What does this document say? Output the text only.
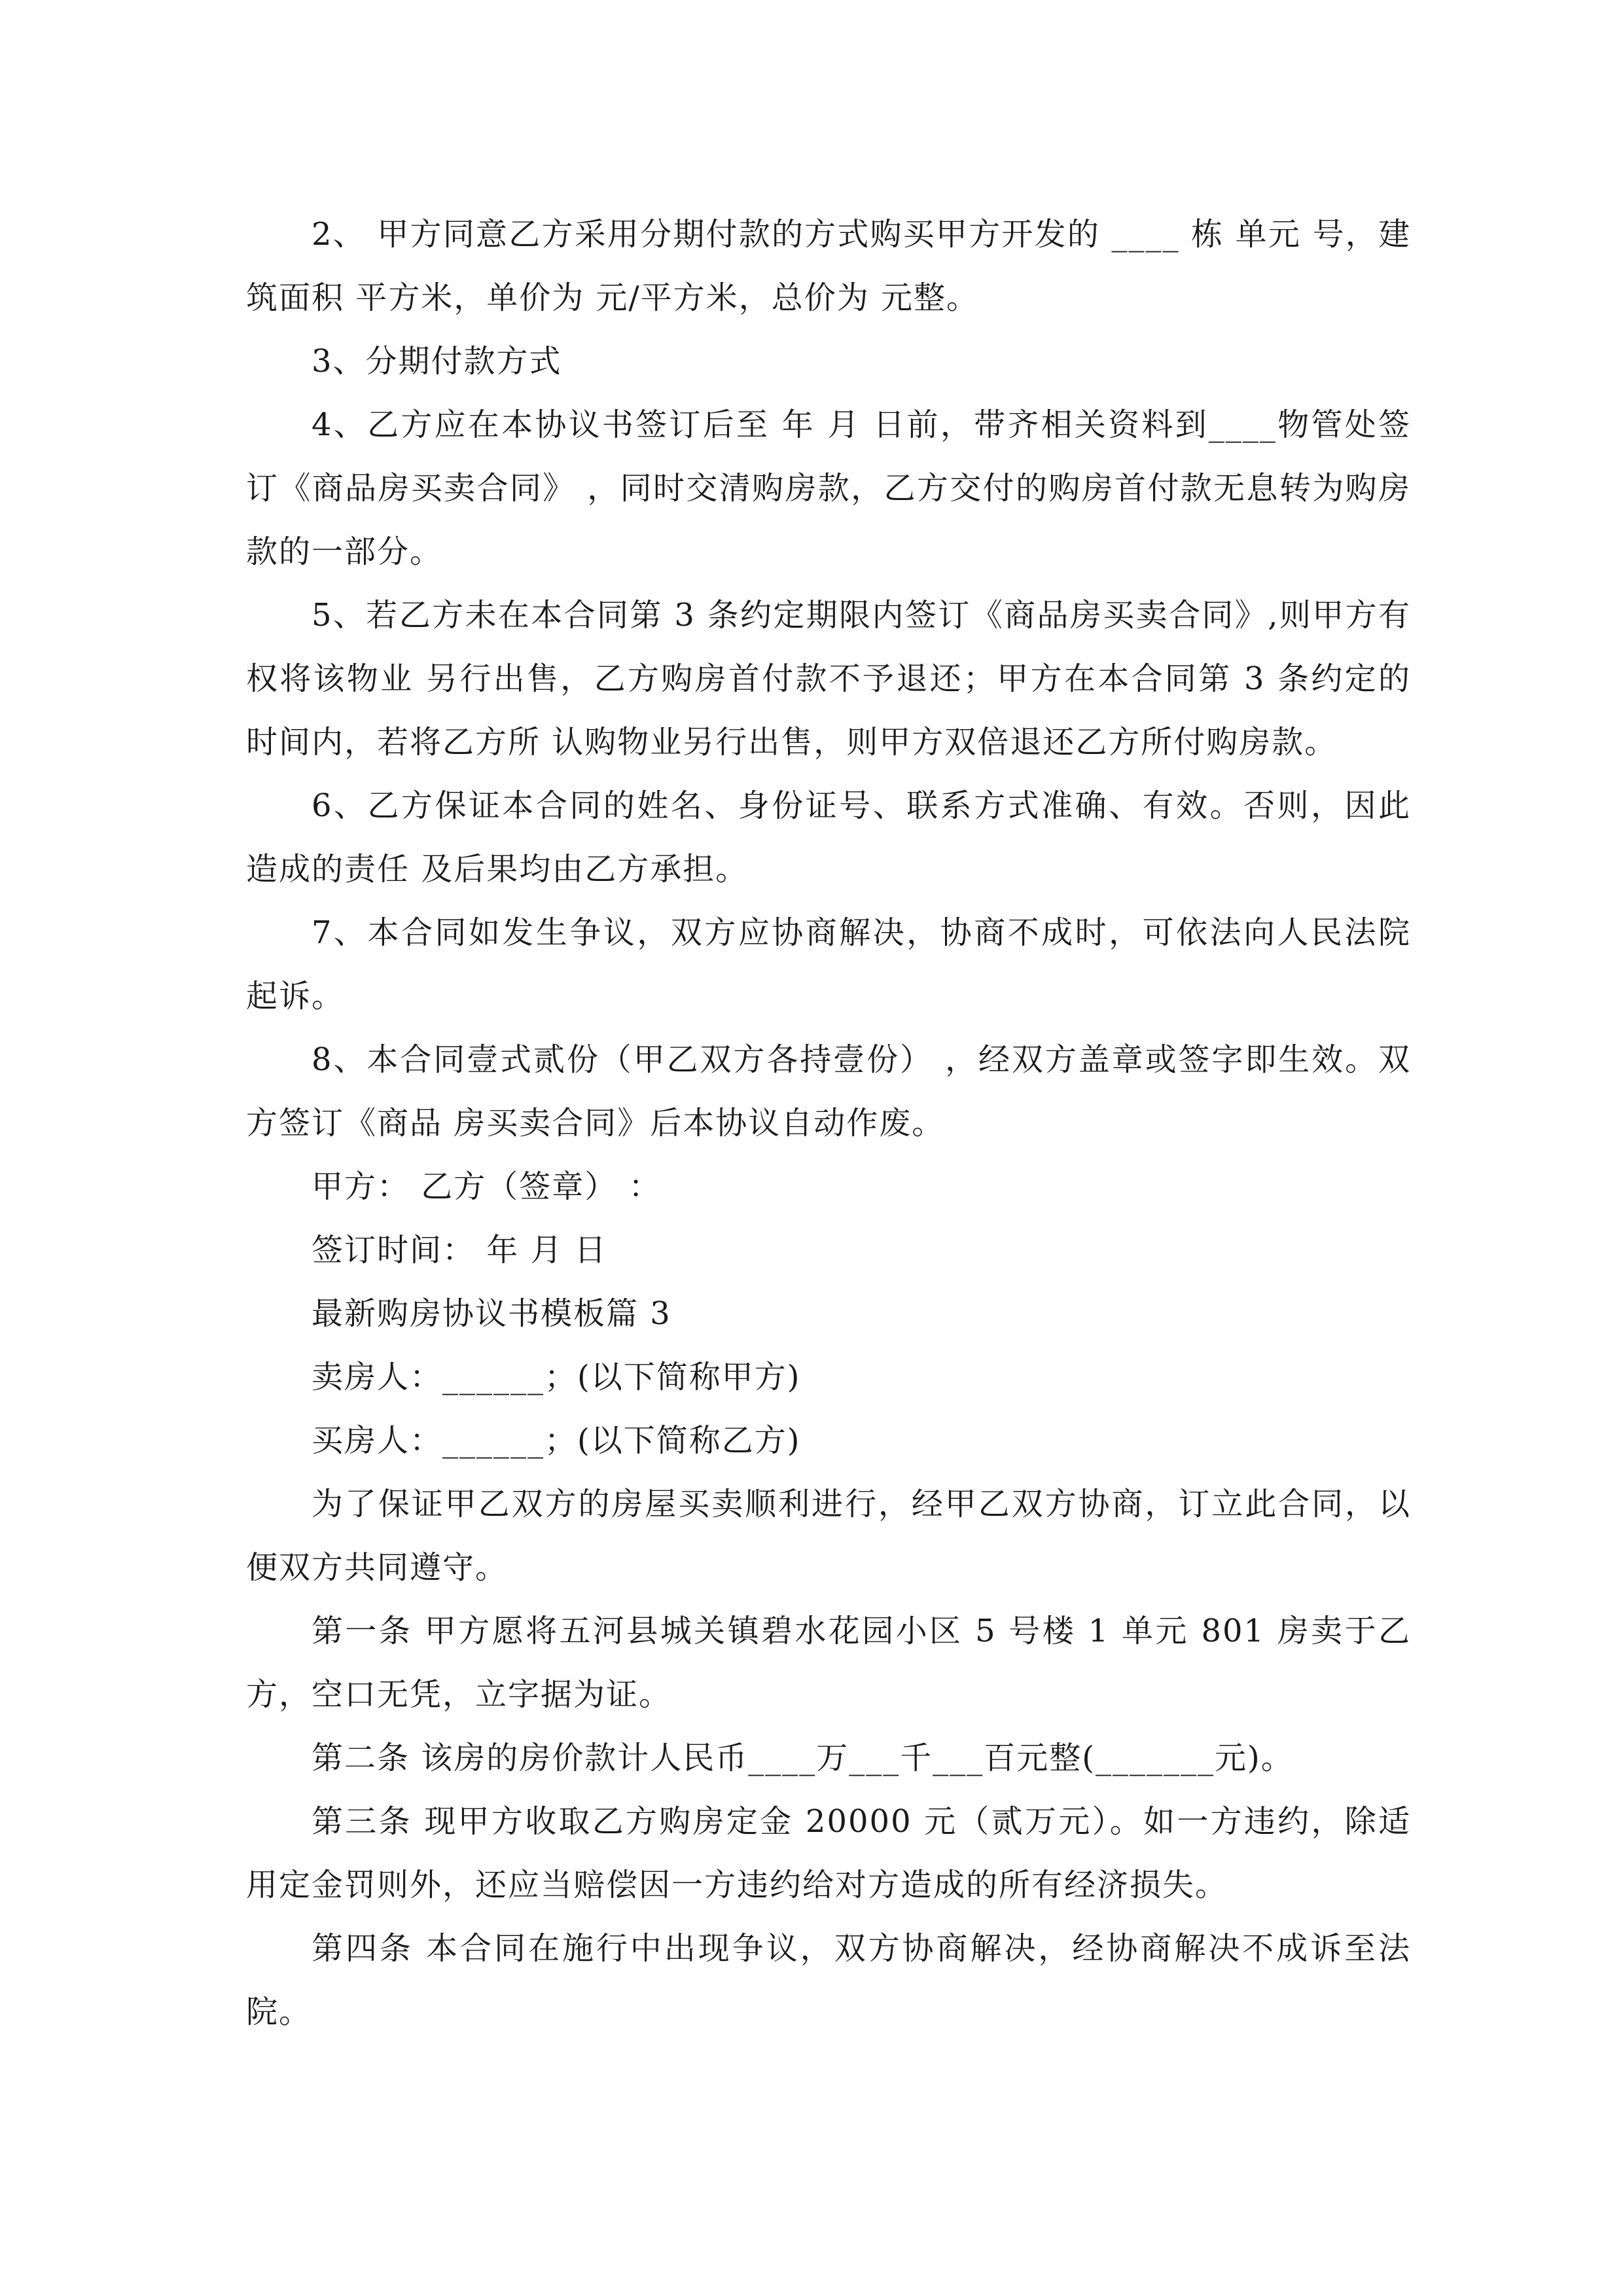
2、 甲方同意乙方采用分期付款的方式购买甲方开发的 ____ 栋 单元 号，建筑面积 平方米，单价为 元/平方米，总价为 元整。

3、分期付款方式

4、乙方应在本协议书签订后至 年 月 日前，带齐相关资料到____物管处签订《商品房买卖合同》 ，同时交清购房款，乙方交付的购房首付款无息转为购房款的一部分。

5、若乙方未在本合同第 3 条约定期限内签订《商品房买卖合同》,则甲方有权将该物业 另行出售，乙方购房首付款不予退还；甲方在本合同第 3 条约定的时间内，若将乙方所 认购物业另行出售，则甲方双倍退还乙方所付购房款。

6、乙方保证本合同的姓名、身份证号、联系方式准确、有效。否则，因此造成的责任 及后果均由乙方承担。

7、本合同如发生争议，双方应协商解决，协商不成时，可依法向人民法院起诉。

8、本合同壹式贰份（甲乙双方各持壹份） ，经双方盖章或签字即生效。双方签订《商品 房买卖合同》后本协议自动作废。

甲方： 乙方（签章） ：

签订时间： 年 月 日

最新购房协议书模板篇 3

卖房人：______；(以下简称甲方)

买房人：______；(以下简称乙方)

为了保证甲乙双方的房屋买卖顺利进行，经甲乙双方协商，订立此合同，以便双方共同遵守。

第一条 甲方愿将五河县城关镇碧水花园小区 5 号楼 1 单元 801 房卖于乙方，空口无凭，立字据为证。

第二条 该房的房价款计人民币____万___千___百元整(_______元)。

第三条 现甲方收取乙方购房定金 20000 元（贰万元）。如一方违约，除适用定金罚则外，还应当赔偿因一方违约给对方造成的所有经济损失。

第四条 本合同在施行中出现争议，双方协商解决，经协商解决不成诉至法院。
